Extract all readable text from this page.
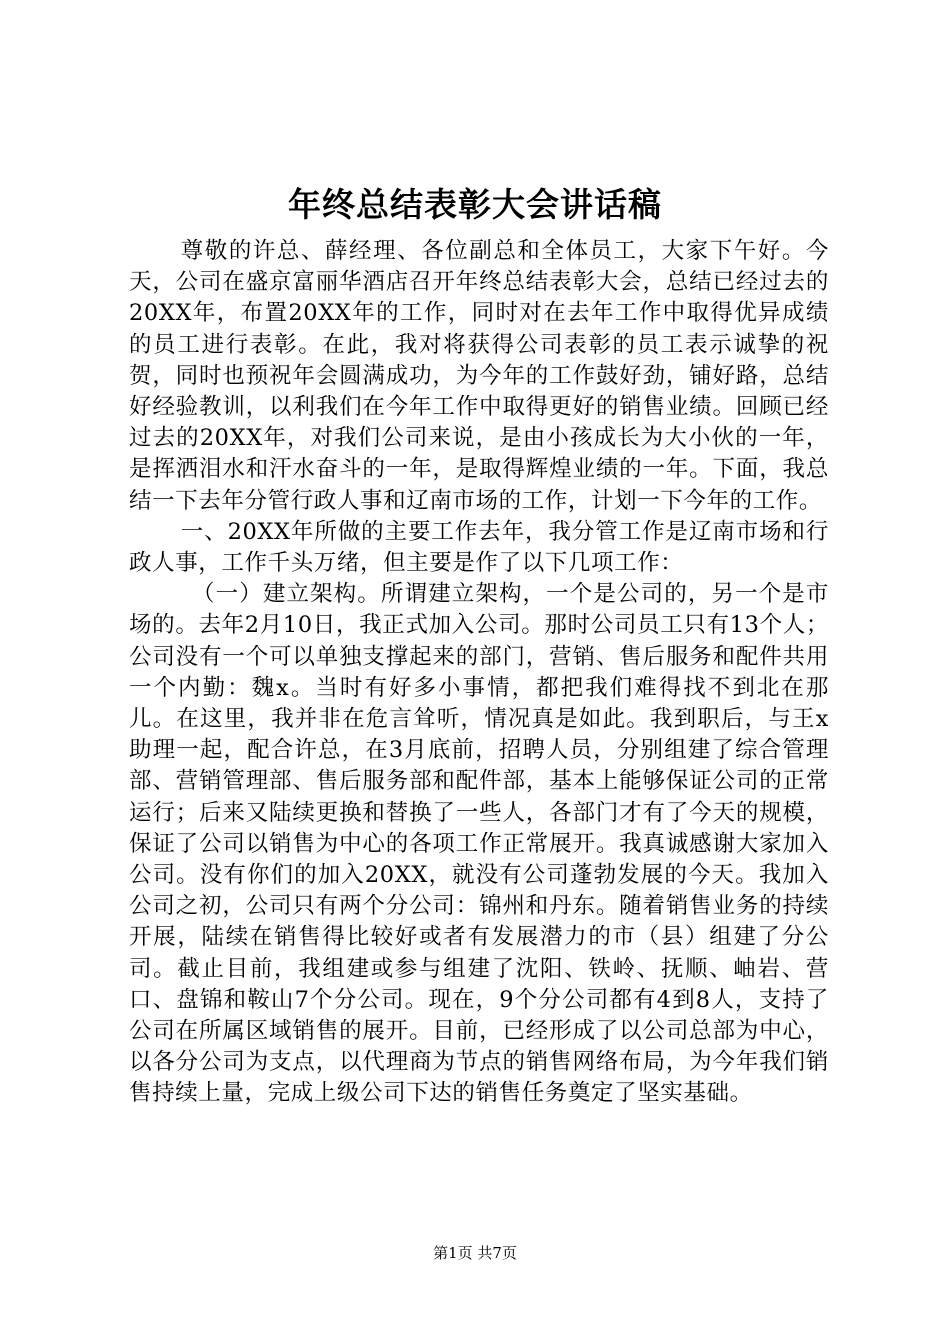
年终总结表彰大会讲话稿

尊敬的许总、薛经理、各位副总和全体员工，大家下午好。今天，公司在盛京富丽华酒店召开年终总结表彰大会，总结已经过去的20XX年，布置20XX年的工作，同时对在去年工作中取得优异成绩的员工进行表彰。在此，我对将获得公司表彰的员工表示诚挚的祝贺，同时也预祝年会圆满成功，为今年的工作鼓好劲，铺好路，总结好经验教训，以利我们在今年工作中取得更好的销售业绩。回顾已经过去的20XX年，对我们公司来说，是由小孩成长为大小伙的一年，是挥洒泪水和汗水奋斗的一年，是取得辉煌业绩的一年。下面，我总结一下去年分管行政人事和辽南市场的工作，计划一下今年的工作。

一、20XX年所做的主要工作去年，我分管工作是辽南市场和行政人事，工作千头万绪，但主要是作了以下几项工作：

（一）建立架构。所谓建立架构，一个是公司的，另一个是市场的。去年2月10日，我正式加入公司。那时公司员工只有13个人；公司没有一个可以单独支撑起来的部门，营销、售后服务和配件共用一个内勤：魏x。当时有好多小事情，都把我们难得找不到北在那儿。在这里，我并非在危言耸听，情况真是如此。我到职后，与王x助理一起，配合许总，在3月底前，招聘人员，分别组建了综合管理部、营销管理部、售后服务部和配件部，基本上能够保证公司的正常运行；后来又陆续更换和替换了一些人，各部门才有了今天的规模，保证了公司以销售为中心的各项工作正常展开。我真诚感谢大家加入公司。没有你们的加入20XX，就没有公司蓬勃发展的今天。我加入公司之初，公司只有两个分公司：锦州和丹东。随着销售业务的持续开展，陆续在销售得比较好或者有发展潜力的市（县）组建了分公司。截止目前，我组建或参与组建了沈阳、铁岭、抚顺、岫岩、营口、盘锦和鞍山7个分公司。现在，9个分公司都有4到8人，支持了公司在所属区域销售的展开。目前，已经形成了以公司总部为中心，以各分公司为支点，以代理商为节点的销售网络布局，为今年我们销售持续上量，完成上级公司下达的销售任务奠定了坚实基础。

第1页 共7页
